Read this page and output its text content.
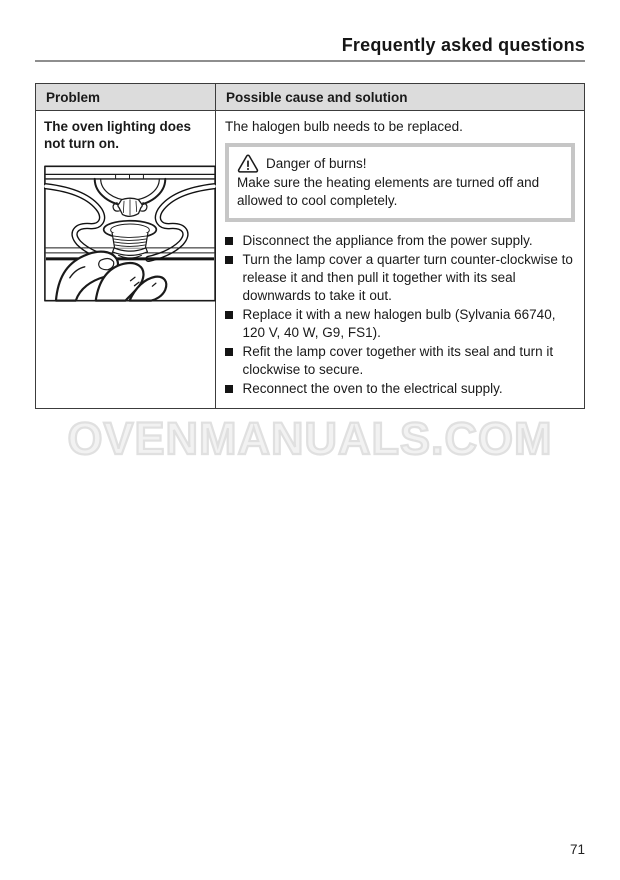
Frequently asked questions
Problem	Possible cause and solution

The oven lighting does not turn on.

The halogen bulb needs to be replaced.

Danger of burns!

Make sure the heating elements are turned off and allowed to cool completely.

Disconnect the appliance from the power supply.
Turn the lamp cover a quarter turn counter-clockwise to release it and then pull it together with its seal downwards to take it out.
Replace it with a new halogen bulb (Sylvania 66740, 120 V, 40 W, G9, FS1).
Refit the lamp cover together with its seal and turn it clockwise to secure.
Reconnect the oven to the electrical supply.
OVENMANUALS.COM
71
